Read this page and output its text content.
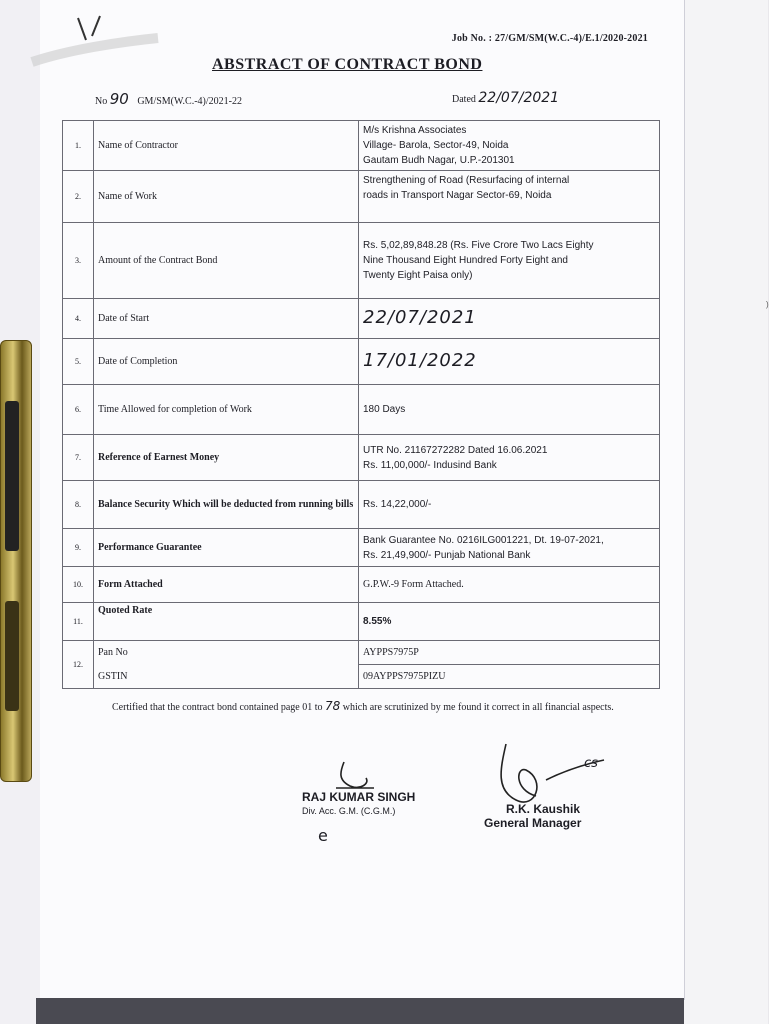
)
Job No. : 27/GM/SM(W.C.-4)/E.1/2020-2021
ABSTRACT OF CONTRACT BOND
No 90 GM/SM(W.C.-4)/2021-22	Dated 22/07/2021
1.	Name of Contractor	M/s Krishna Associates
Village- Barola, Sector-49, Noida
Gautam Budh Nagar, U.P.-201301

2.	Name of Work	Strengthening of Road (Resurfacing of internal
roads in Transport Nagar Sector-69, Noida

3.	Amount of the Contract Bond	Rs. 5,02,89,848.28 (Rs. Five Crore Two Lacs Eighty
Nine Thousand Eight Hundred Forty Eight and
Twenty Eight Paisa only)

4.	Date of Start	22/07/2021
5.	Date of Completion	17/01/2022
6.	Time Allowed for completion of Work	180 Days

7.	Reference of Earnest Money	UTR No. 21167272282 Dated 16.06.2021
Rs. 11,00,000/- Indusind Bank

8.	Balance Security Which will be deducted from running bills	Rs. 14,22,000/-

9.	Performance Guarantee	Bank Guarantee No. 0216ILG001221, Dt. 19-07-2021,
Rs. 21,49,900/- Punjab National Bank

10.	Form Attached	G.P.W.-9 Form Attached.

11.	Quoted Rate	8.55%

12.	Pan No	AYPPS7975P
	GSTIN	09AYPPS7975PIZU
Certified that the contract bond contained page 01 to 78 which are scrutinized by me found it correct in all financial aspects.
RAJ KUMAR SINGH
Div. Acc. G.M. (C.G.M.)
e
R.K. Kaushik
General Manager
cs
